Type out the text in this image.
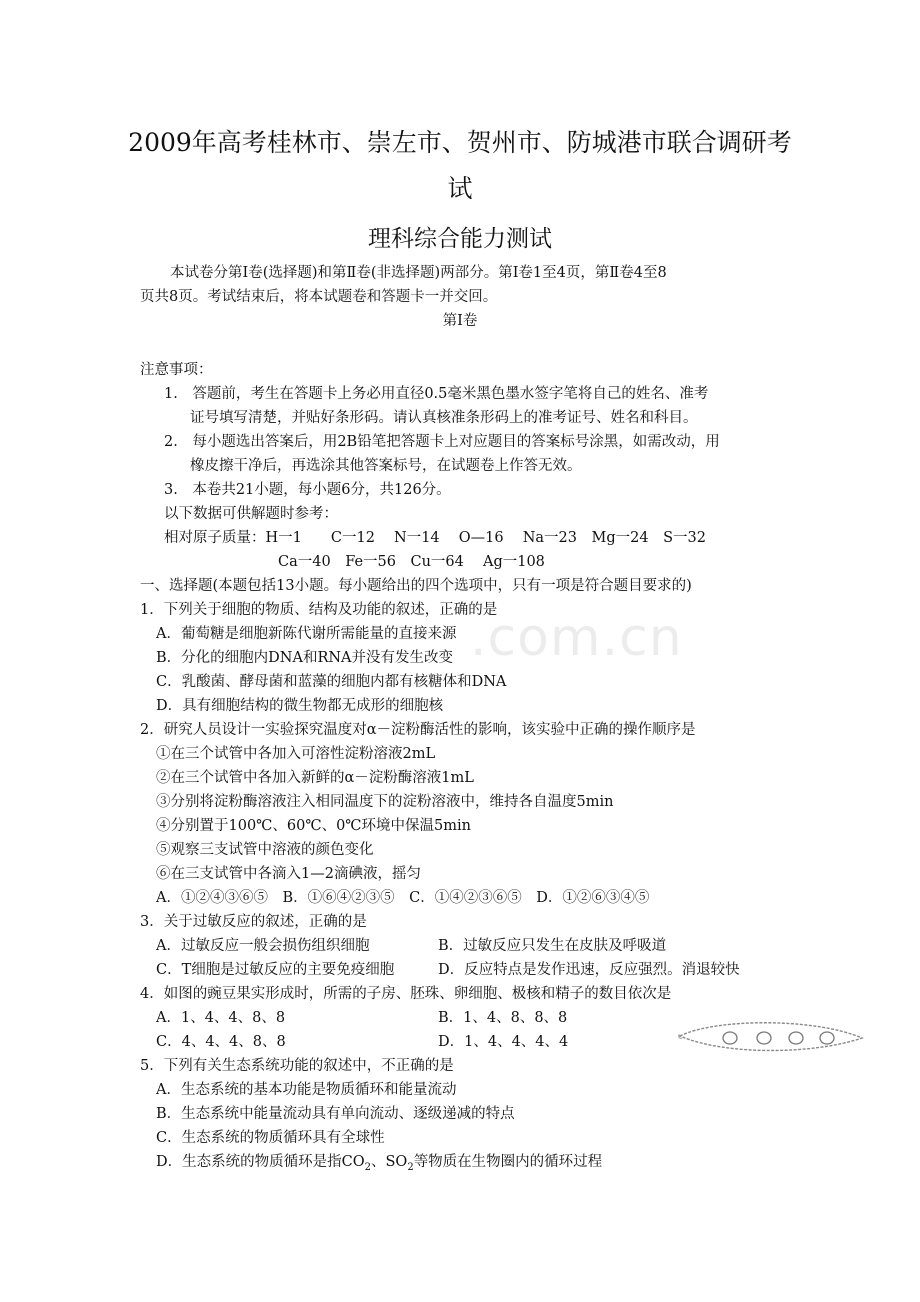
2009年高考桂林市、崇左市、贺州市、防城港市联合调研考
试
理科综合能力测试
本试卷分第Ⅰ卷(选择题)和第Ⅱ卷(非选择题)两部分。第Ⅰ卷1至4页，第Ⅱ卷4至8
页共8页。考试结束后，将本试题卷和答题卡一并交回。
第Ⅰ卷
注意事项：
1.　答题前，考生在答题卡上务必用直径0.5毫米黑色墨水签字笔将自己的姓名、准考
证号填写清楚，并贴好条形码。请认真核准条形码上的准考证号、姓名和科目。
2.　每小题选出答案后，用2B铅笔把答题卡上对应题目的答案标号涂黑，如需改动，用
橡皮擦干净后，再选涂其他答案标号，在试题卷上作答无效。
3.　本卷共21小题，每小题6分，共126分。
以下数据可供解题时参考：
相对原子质量：H一1　　C一12　 N一14　 O—16　 Na一23　Mg一24　S一32
Ca一40　Fe一56　Cu一64　 Ag一108
一、选择题(本题包括13小题。每小题给出的四个选项中，只有一项是符合题目要求的)
1．下列关于细胞的物质、结构及功能的叙述，正确的是
A．葡萄糖是细胞新陈代谢所需能量的直接来源
B．分化的细胞内DNA和RNA并没有发生改变
C．乳酸菌、酵母菌和蓝藻的细胞内都有核糖体和DNA
D．具有细胞结构的微生物都无成形的细胞核
2．研究人员设计一实验探究温度对α－淀粉酶活性的影响，该实验中正确的操作顺序是
①在三个试管中各加入可溶性淀粉溶液2mL
②在三个试管中各加入新鲜的α－淀粉酶溶液1mL
③分别将淀粉酶溶液注入相同温度下的淀粉溶液中，维持各自温度5min
④分别置于100℃、60℃、0℃环境中保温5min
⑤观察三支试管中溶液的颜色变化
⑥在三支试管中各滴入1—2滴碘液，摇匀
A．①②④③⑥⑤　B．①⑥④②③⑤　C．①④②③⑥⑤　D．①②⑥③④⑤
3．关于过敏反应的叙述，正确的是
A．过敏反应一般会损伤组织细胞	B．过敏反应只发生在皮肤及呼吸道
C．T细胞是过敏反应的主要免疫细胞	D．反应特点是发作迅速，反应强烈。消退较快
4．如图的豌豆果实形成时，所需的子房、胚珠、卵细胞、极核和精子的数目依次是
A．1、4、4、8、8	B．1、4、8、8、8
C．4、4、4、8、8	D．1、4、4、4、4
5．下列有关生态系统功能的叙述中，不正确的是
A．生态系统的基本功能是物质循环和能量流动
B．生态系统中能量流动具有单向流动、逐级递减的特点
C．生态系统的物质循环具有全球性
D．生态系统的物质循环是指$CO_2$、$SO_2$等物质在生物圈内的循环过程
.com.cn
